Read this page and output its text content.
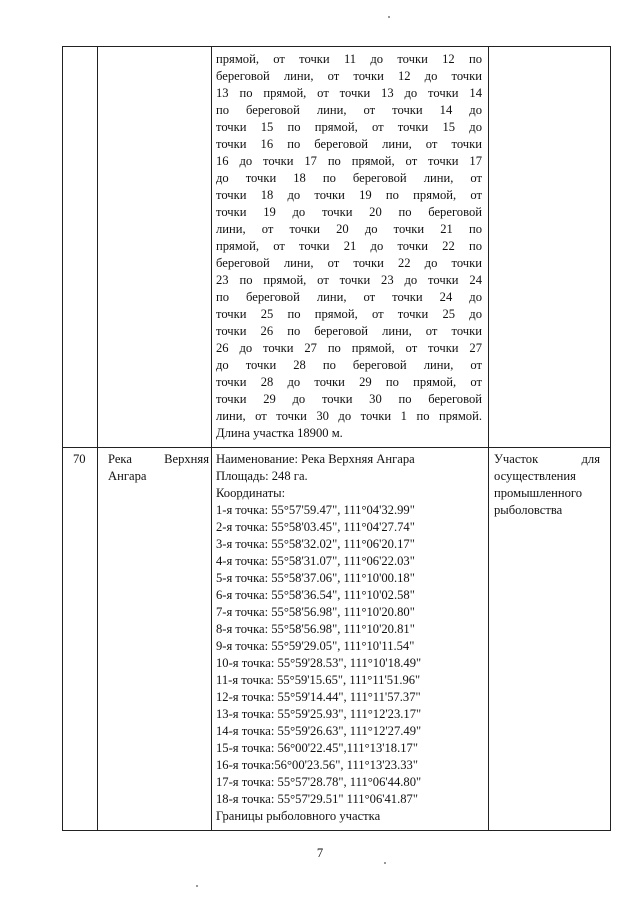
прямой, от точки 11 до точки 12 по
береговой лини, от точки 12 до точки
13 по прямой, от точки 13 до точки 14
по береговой лини, от точки 14 до
точки 15 по прямой, от точки 15 до
точки 16 по береговой лини, от точки
16 до точки 17 по прямой, от точки 17
до точки 18 по береговой лини, от
точки 18 до точки 19 по прямой, от
точки 19 до точки 20 по береговой
лини, от точки 20 до точки 21 по
прямой, от точки 21 до точки 22 по
береговой лини, от точки 22 до точки
23 по прямой, от точки 23 до точки 24
по береговой лини, от точки 24 до
точки 25 по прямой, от точки 25 до
точки 26 по береговой лини, от точки
26 до точки 27 по прямой, от точки 27
до точки 28 по береговой лини, от
точки 28 до точки 29 по прямой, от
точки 29 до точки 30 по береговой
лини, от точки 30 до точки 1 по прямой.
Длина участка 18900 м.
70 Река Верхняя
Ангара
Наименование: Река Верхняя Ангара
Площадь: 248 га.
Координаты:
1-я точка: 55°57'59.47", 111°04'32.99"
2-я точка: 55°58'03.45", 111°04'27.74"
3-я точка: 55°58'32.02", 111°06'20.17"
4-я точка: 55°58'31.07", 111°06'22.03"
5-я точка: 55°58'37.06", 111°10'00.18"
6-я точка: 55°58'36.54", 111°10'02.58"
7-я точка: 55°58'56.98", 111°10'20.80"
8-я точка: 55°58'56.98", 111°10'20.81"
9-я точка: 55°59'29.05", 111°10'11.54"
10-я точка: 55°59'28.53", 111°10'18.49"
11-я точка: 55°59'15.65", 111°11'51.96"
12-я точка: 55°59'14.44", 111°11'57.37"
13-я точка: 55°59'25.93", 111°12'23.17"
14-я точка: 55°59'26.63", 111°12'27.49"
15-я точка: 56°00'22.45",111°13'18.17"
16-я точка:56°00'23.56", 111°13'23.33"
17-я точка: 55°57'28.78", 111°06'44.80"
18-я точка: 55°57'29.51" 111°06'41.87"
Границы рыболовного участка
Участок для
осуществления
промышленного
рыболовства
7
